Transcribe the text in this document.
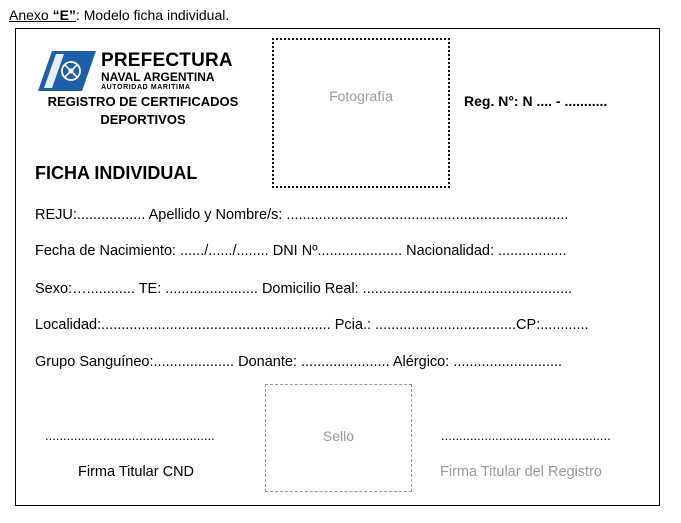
Anexo “E”: Modelo ficha individual.
PREFECTURA
NAVAL ARGENTINA
AUTORIDAD MARITIMA
REGISTRO DE CERTIFICADOS DEPORTIVOS
Fotografía	Reg. N°: N .... - ...........
FICHA INDIVIDUAL
REJU:................. Apellido y Nombre/s: ......................................................................
Fecha de Nacimiento: ....../....../........ DNI Nº..................... Nacionalidad: .................
Sexo:…............ TE: ....................... Domicilio Real: ....................................................
Localidad:......................................................... Pcia.: ...................................CP:............
Grupo Sanguíneo:.................... Donante: ...................... Alérgico: ...........................
Sello
...............................................
Firma Titular CND
...............................................
Firma Titular del Registro
